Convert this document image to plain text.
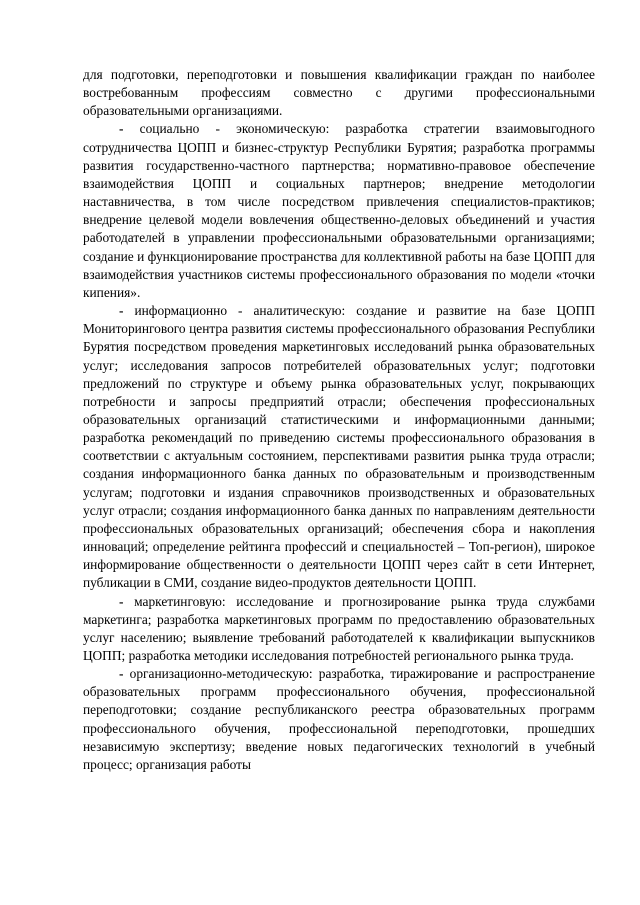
для подготовки, переподготовки и повышения квалификации граждан по наиболее востребованным профессиям совместно с другими профессиональными образовательными организациями.

- социально - экономическую: разработка стратегии взаимовыгодного сотрудничества ЦОПП и бизнес-структур Республики Бурятия; разработка программы развития государственно-частного партнерства; нормативно-правовое обеспечение взаимодействия ЦОПП и социальных партнеров; внедрение методологии наставничества, в том числе посредством привлечения специалистов-практиков; внедрение целевой модели вовлечения общественно-деловых объединений и участия работодателей в управлении профессиональными образовательными организациями; создание и функционирование пространства для коллективной работы на базе ЦОПП для взаимодействия участников системы профессионального образования по модели «точки кипения».

- информационно - аналитическую: создание и развитие на базе ЦОПП Мониторингового центра развития системы профессионального образования Республики Бурятия посредством проведения маркетинговых исследований рынка образовательных услуг; исследования запросов потребителей образовательных услуг; подготовки предложений по структуре и объему рынка образовательных услуг, покрывающих потребности и запросы предприятий отрасли; обеспечения профессиональных образовательных организаций статистическими и информационными данными; разработка рекомендаций по приведению системы профессионального образования в соответствии с актуальным состоянием, перспективами развития рынка труда отрасли; создания информационного банка данных по образовательным и производственным услугам; подготовки и издания справочников производственных и образовательных услуг отрасли; создания информационного банка данных по направлениям деятельности профессиональных образовательных организаций; обеспечения сбора и накопления инноваций; определение рейтинга профессий и специальностей – Топ-регион), широкое информирование общественности о деятельности ЦОПП через сайт в сети Интернет, публикации в СМИ, создание видео-продуктов деятельности ЦОПП.

- маркетинговую: исследование и прогнозирование рынка труда службами маркетинга; разработка маркетинговых программ по предоставлению образовательных услуг населению; выявление требований работодателей к квалификации выпускников ЦОПП; разработка методики исследования потребностей регионального рынка труда.

- организационно-методическую: разработка, тиражирование и распространение образовательных программ профессионального обучения, профессиональной переподготовки; создание республиканского реестра образовательных программ профессионального обучения, профессиональной переподготовки, прошедших независимую экспертизу; введение новых педагогических технологий в учебный процесс; организация работы
